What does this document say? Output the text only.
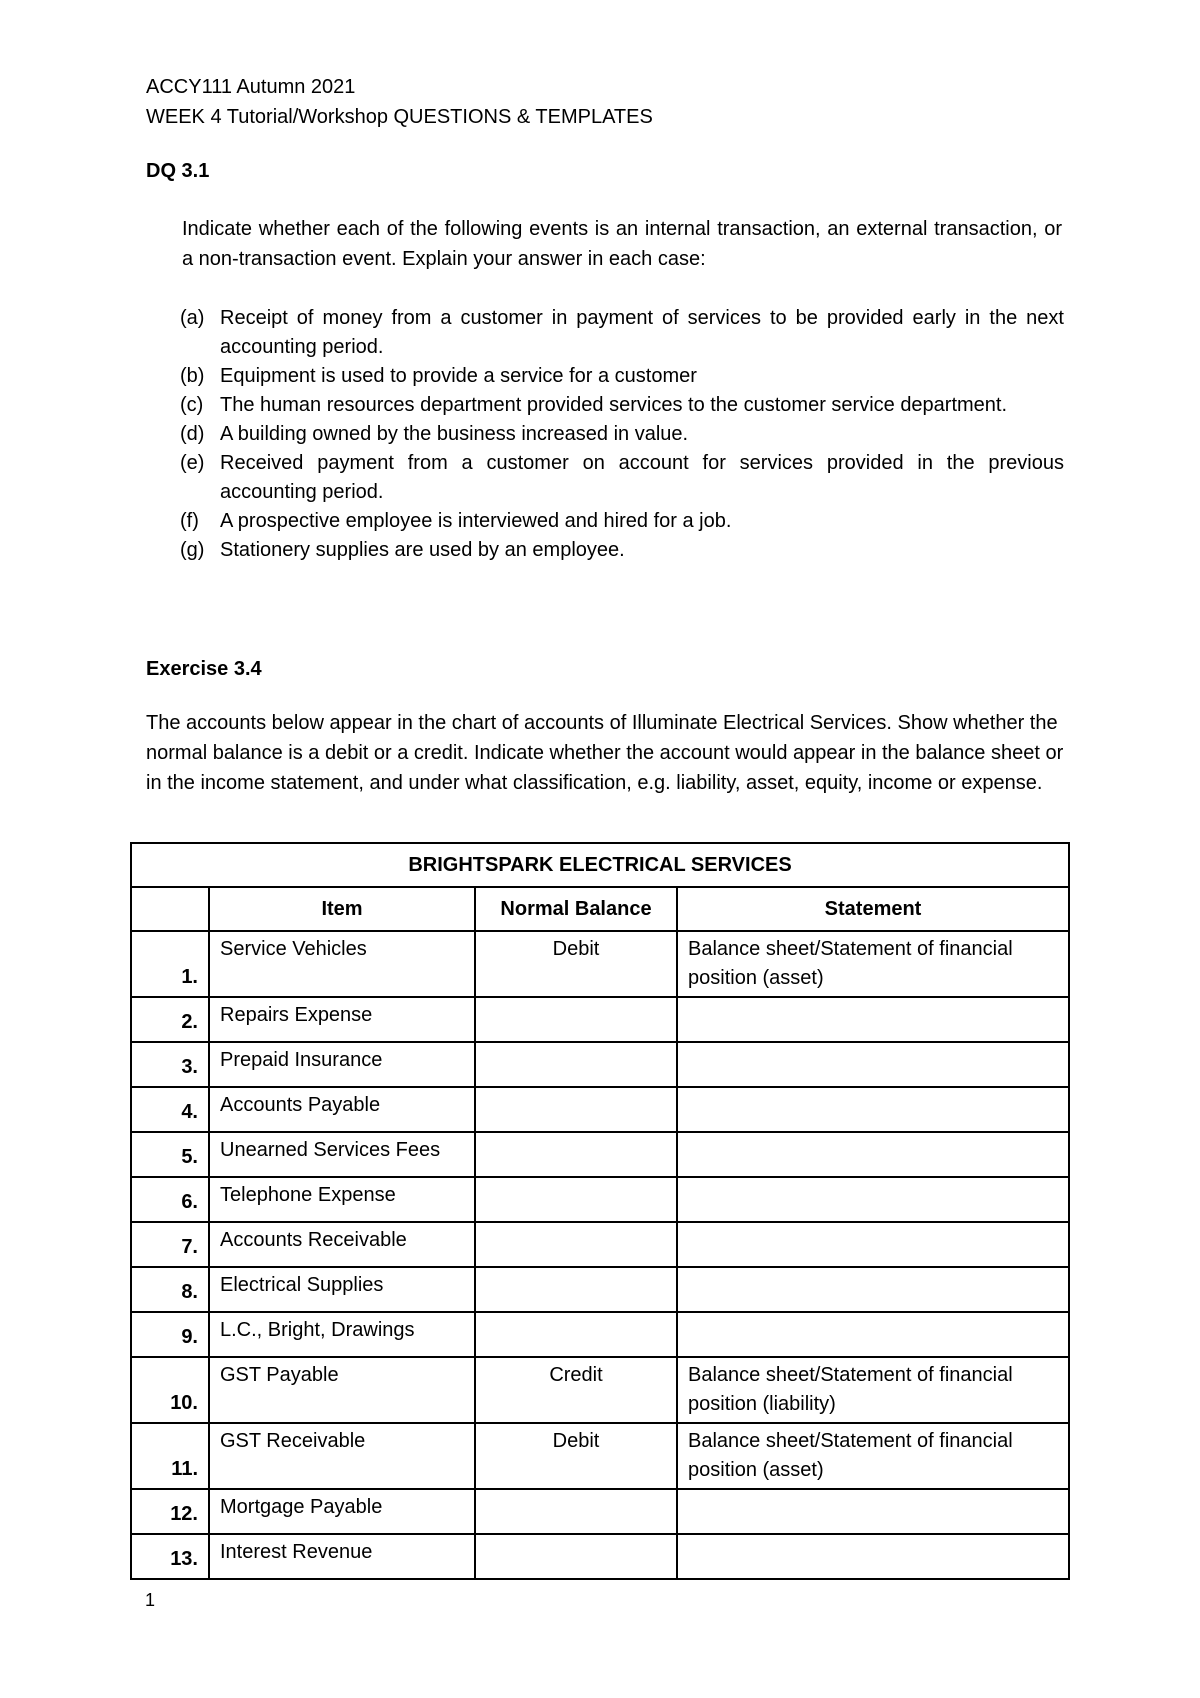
ACCY111 Autumn 2021
WEEK 4 Tutorial/Workshop QUESTIONS & TEMPLATES
DQ 3.1
Indicate whether each of the following events is an internal transaction, an external transaction, or a non-transaction event. Explain your answer in each case:
(a) Receipt of money from a customer in payment of services to be provided early in the next accounting period.
(b) Equipment is used to provide a service for a customer
(c) The human resources department provided services to the customer service department.
(d) A building owned by the business increased in value.
(e) Received payment from a customer on account for services provided in the previous accounting period.
(f)	A prospective employee is interviewed and hired for a job.
(g) Stationery supplies are used by an employee.
Exercise 3.4
The accounts below appear in the chart of accounts of Illuminate Electrical Services. Show whether the normal balance is a debit or a credit. Indicate whether the account would appear in the balance sheet or in the income statement, and under what classification, e.g. liability, asset, equity, income or expense.
BRIGHTSPARK ELECTRICAL SERVICES			
	Item	Normal Balance	Statement
1.	Service Vehicles	Debit	Balance sheet/Statement of financial position (asset)
2.	Repairs Expense		
3.	Prepaid Insurance		
4.	Accounts Payable		
5.	Unearned Services Fees		
6.	Telephone Expense		
7.	Accounts Receivable		
8.	Electrical Supplies		
9.	L.C., Bright, Drawings		
10.	GST Payable	Credit	Balance sheet/Statement of financial position (liability)
11.	GST Receivable	Debit	Balance sheet/Statement of financial position (asset)
12.	Mortgage Payable		
13.	Interest Revenue		
1
